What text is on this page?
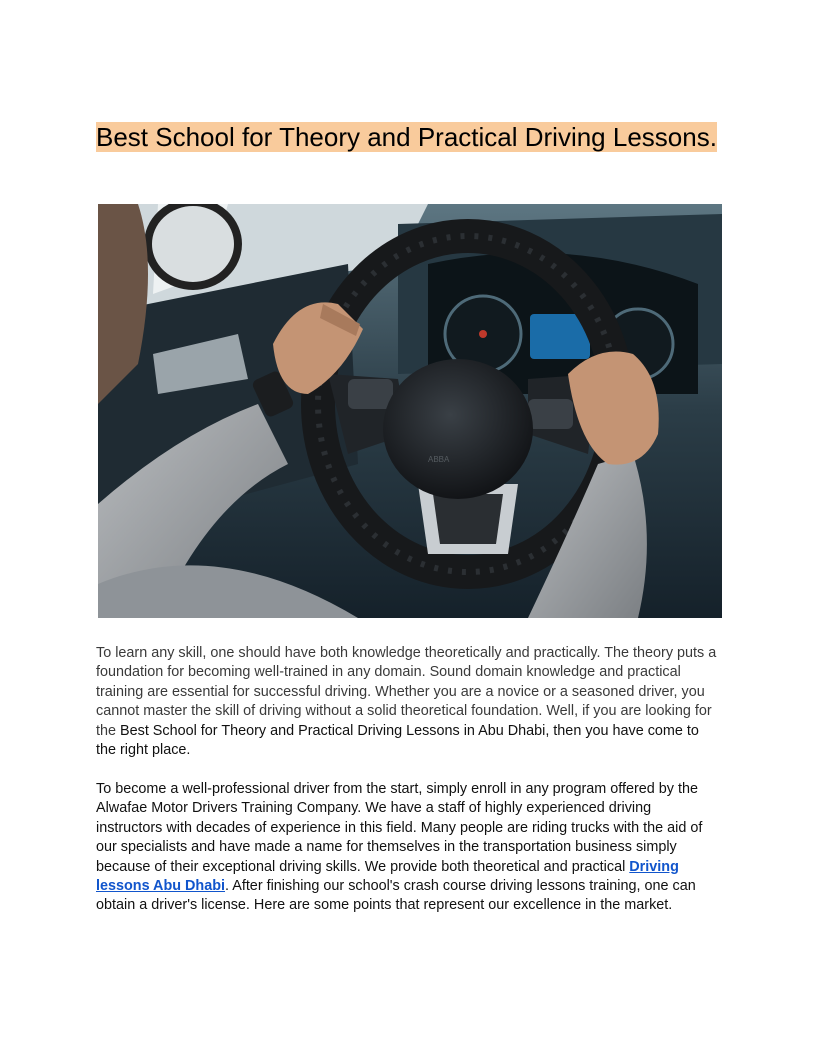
Best School for Theory and Practical Driving Lessons.
ABBA

To learn any skill, one should have both knowledge theoretically and practically. The theory puts a foundation for becoming well-trained in any domain. Sound domain knowledge and practical training are essential for successful driving. Whether you are a novice or a seasoned driver, you cannot master the skill of driving without a solid theoretical foundation. Well, if you are looking for the Best School for Theory and Practical Driving Lessons in Abu Dhabi, then you have come to the right place.

To become a well-professional driver from the start, simply enroll in any program offered by the Alwafae Motor Drivers Training Company. We have a staff of highly experienced driving instructors with decades of experience in this field. Many people are riding trucks with the aid of our specialists and have made a name for themselves in the transportation business simply because of their exceptional driving skills. We provide both theoretical and practical Driving lessons Abu Dhabi. After finishing our school's crash course driving lessons training, one can obtain a driver's license. Here are some points that represent our excellence in the market.
